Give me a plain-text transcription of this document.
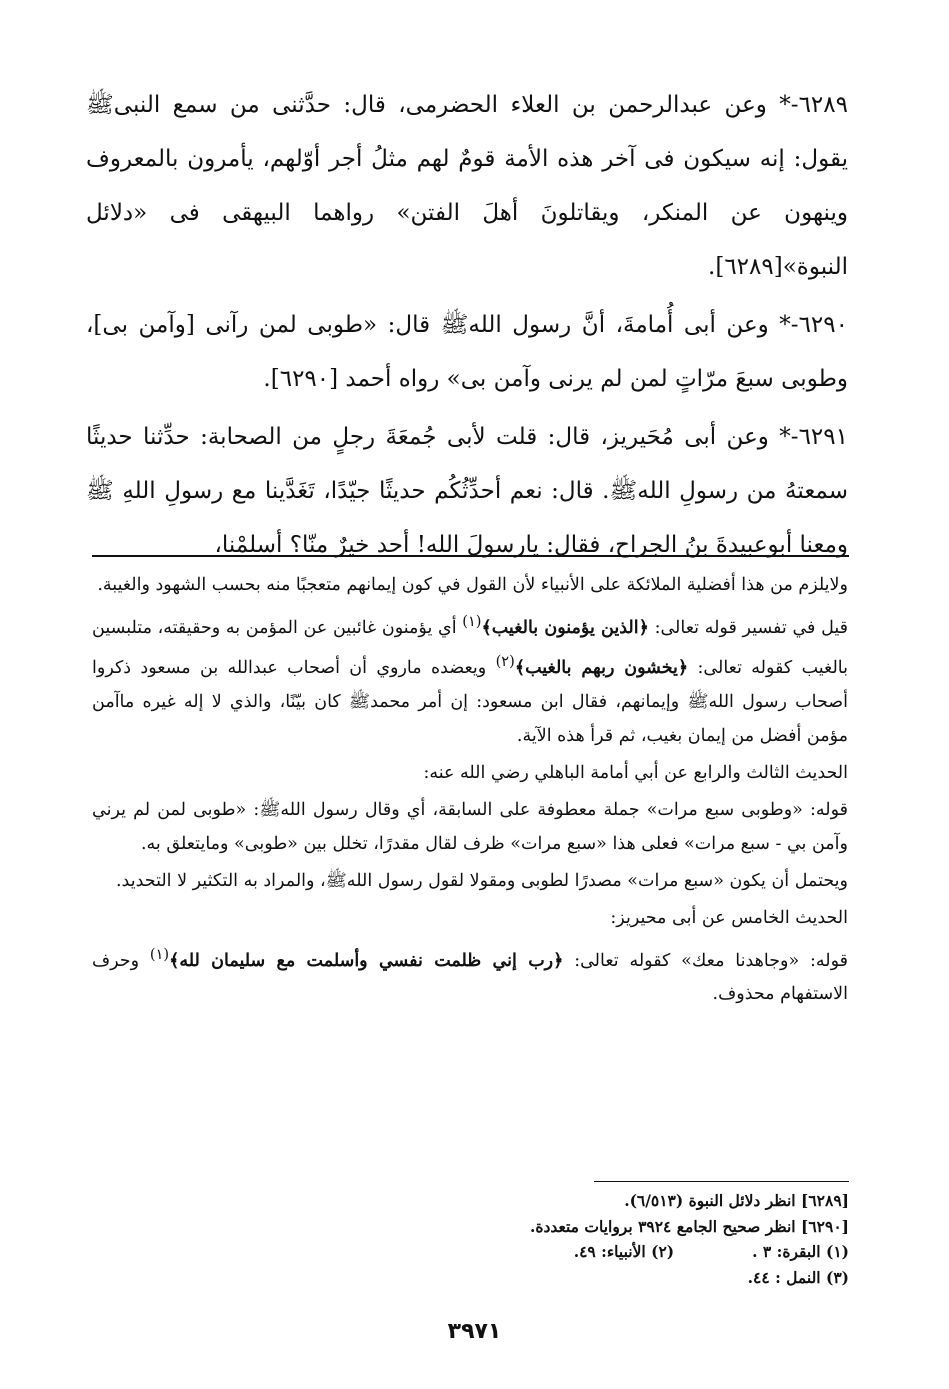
٦٢٨٩-* وعن عبدالرحمن بن العلاء الحضرمى، قال: حدَّثنى من سمع النبىﷺ يقول: إنه سيكون فى آخر هذه الأمة قومٌ لهم مثلُ أجر أوّلهم، يأمرون بالمعروف وينهون عن المنكر، ويقاتلونَ أهلَ الفتن» رواهما البيهقى فى «دلائل النبوة»[٦٢٨٩].

٦٢٩٠-* وعن أبى أُمامةَ، أنَّ رسول اللهﷺ قال: «طوبى لمن رآنى [وآمن بى]، وطوبى سبعَ مرّاتٍ لمن لم يرنى وآمن بى» رواه أحمد [٦٢٩٠].

٦٢٩١-* وعن أبى مُحَيريز، قال: قلت لأبى جُمعَةَ رجلٍ من الصحابة: حدِّثنا حديثًا سمعتهُ من رسولِ اللهﷺ. قال: نعم أحدِّثُكُم حديثًا جيّدًا، تَغَدَّينا مع رسولِ اللهِ ﷺ ومعنا أبوعبيدةَ بنُ الجراح، فقال: يارسولَ الله! أحد خيرٌ منّا؟ أسلمْنا،

ولايلزم من هذا أفضلية الملائكة على الأنبياء لأن القول في كون إيمانهم متعجبًا منه بحسب الشهود والغيبة.

قيل في تفسير قوله تعالى: ﴿الذين يؤمنون بالغيب﴾$^{(١)}$ أي يؤمنون غائبين عن المؤمن به وحقيقته، متلبسين بالغيب كقوله تعالى: ﴿يخشون ربهم بالغيب﴾$^{(٢)}$ ويعضده ماروي أن أصحاب عبدالله بن مسعود ذكروا أصحاب رسول اللهﷺ وإيمانهم، فقال ابن مسعود: إن أمر محمدﷺ كان بيّنًا، والذي لا إله غيره ماآمن مؤمن أفضل من إيمان بغيب، ثم قرأ هذه الآية.

الحديث الثالث والرابع عن أبي أمامة الباهلي رضي الله عنه:

قوله: «وطوبى سبع مرات» جملة معطوفة على السابقة، أي وقال رسول اللهﷺ: «طوبى لمن لم يرني وآمن بي - سبع مرات» فعلى هذا «سبع مرات» ظرف لقال مقدرًا، تخلل بين «طوبى» ومايتعلق به.

ويحتمل أن يكون «سبع مرات» مصدرًا لطوبى ومقولا لقول رسول اللهﷺ، والمراد به التكثير لا التحديد.

الحديث الخامس عن أبى محيريز:

قوله: «وجاهدنا معك» كقوله تعالى: ﴿رب إني ظلمت نفسي وأسلمت مع سليمان لله﴾$^{(١)}$ وحرف الاستفهام محذوف.

[٦٢٨٩] انظر دلائل النبوة (٦/٥١٣).

[٦٢٩٠] انظر صحيح الجامع ٣٩٢٤ بروايات متعددة.

(١) البقرة: ٣ .
(٢) الأنبياء: ٤٩.

(٣) النمل : ٤٤.

٣٩٧١
